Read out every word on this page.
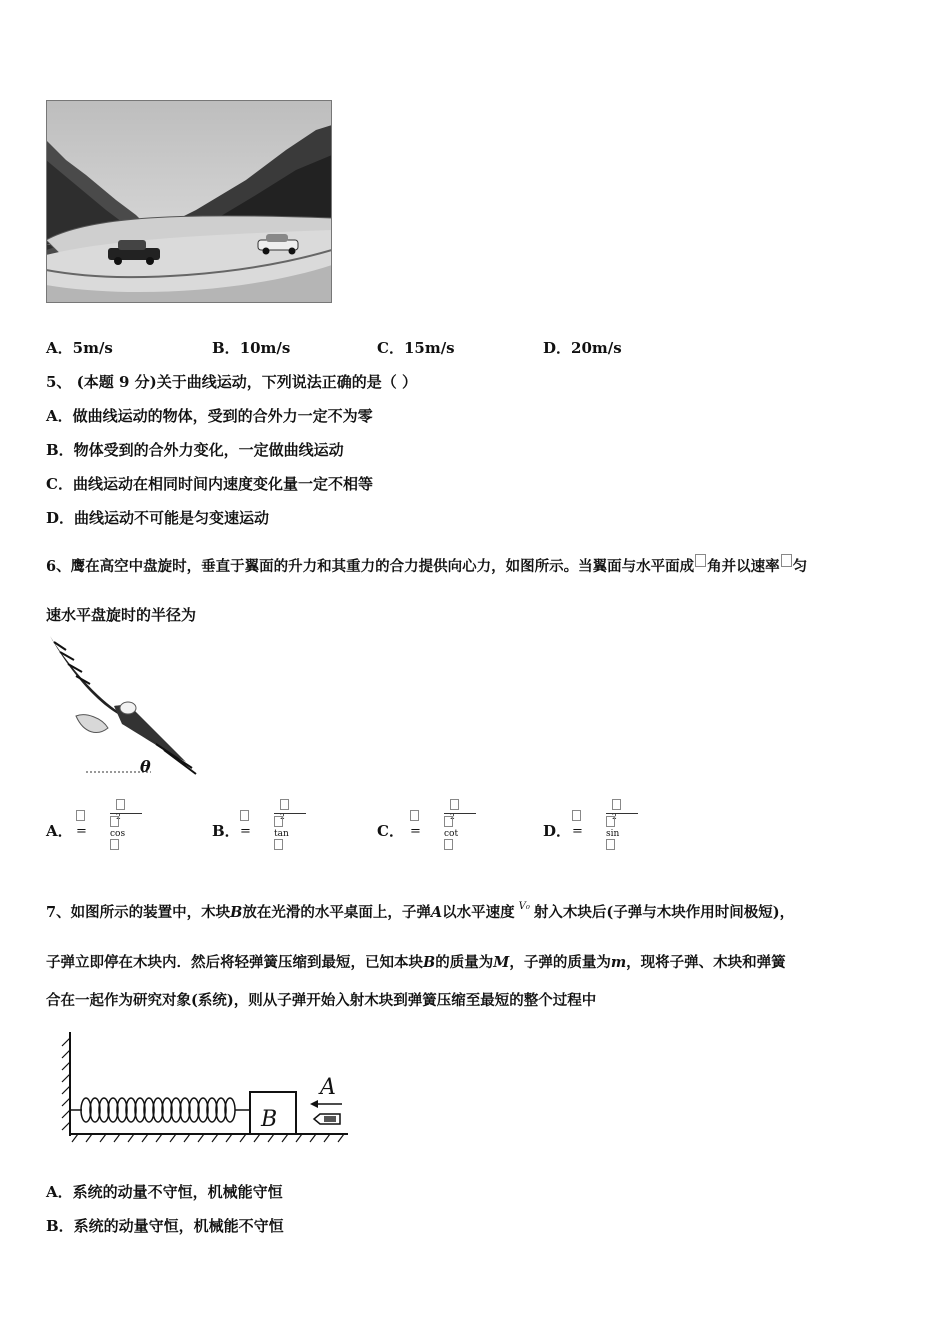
A．5m/s	B．10m/s	C．15m/s	D．20m/s
5、 (本题 9 分)关于曲线运动，下列说法正确的是（ ）
A．做曲线运动的物体，受到的合外力一定不为零
B．物体受到的合外力变化，一定做曲线运动
C．曲线运动在相同时间内速度变化量一定不相等
D．曲线运动不可能是匀变速运动
6、鹰在高空中盘旋时，垂直于翼面的升力和其重力的合力提供向心力，如图所示。当翼面与水平面成 角并以速率 匀
速水平盘旋时的半径为
θ
A． =
$^2$
cos	B． =
$^2$
tan	C． =
$^2$
cot	D． =
$^2$
sin
7、如图所示的装置中，木块B放在光滑的水平桌面上，子弹A以水平速度 $^{V_0}$ 射入木块后(子弹与木块作用时间极短)，
子弹立即停在木块内．然后将轻弹簧压缩到最短，已知本块B的质量为M，子弹的质量为m，现将子弹、木块和弹簧
合在一起作为研究对象(系统)，则从子弹开始入射木块到弹簧压缩至最短的整个过程中
B
A
A．系统的动量不守恒，机械能守恒
B．系统的动量守恒，机械能不守恒
